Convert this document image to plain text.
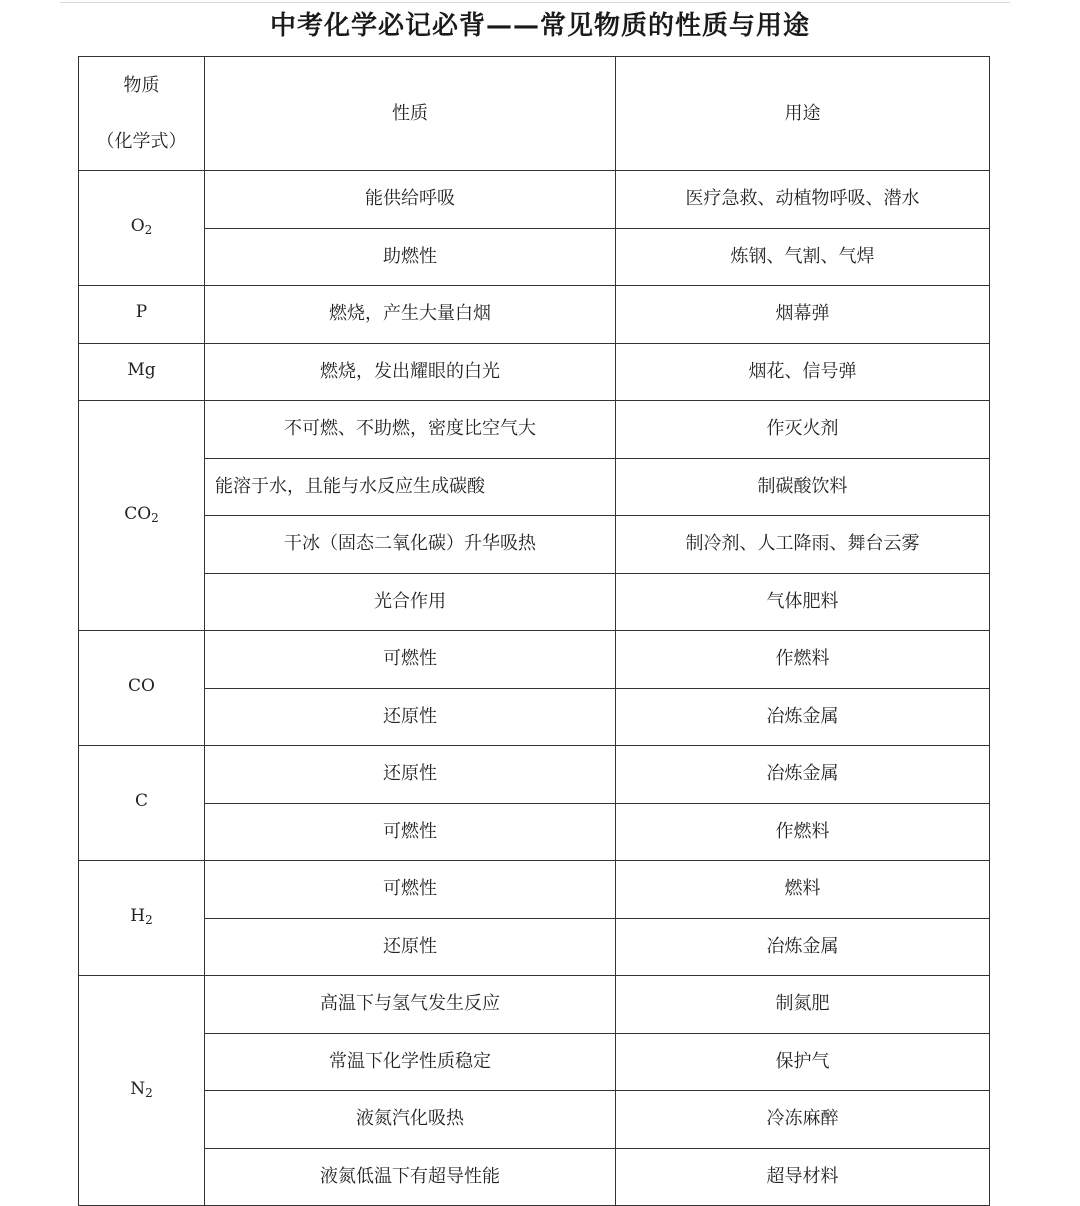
中考化学必记必背——常见物质的性质与用途
物质
（化学式）	性质	用途
$O_2$	能供给呼吸	医疗急救、动植物呼吸、潜水
	助燃性	炼钢、气割、气焊
P	燃烧，产生大量白烟	烟幕弹
Mg	燃烧，发出耀眼的白光	烟花、信号弹
$CO_2$	不可燃、不助燃，密度比空气大	作灭火剂
	能溶于水，且能与水反应生成碳酸	制碳酸饮料
	干冰（固态二氧化碳）升华吸热	制冷剂、人工降雨、舞台云雾
	光合作用	气体肥料
CO	可燃性	作燃料
	还原性	冶炼金属
C	还原性	冶炼金属
	可燃性	作燃料
$H_2$	可燃性	燃料
	还原性	冶炼金属
$N_2$	高温下与氢气发生反应	制氮肥
	常温下化学性质稳定	保护气
	液氮汽化吸热	冷冻麻醉
	液氮低温下有超导性能	超导材料
